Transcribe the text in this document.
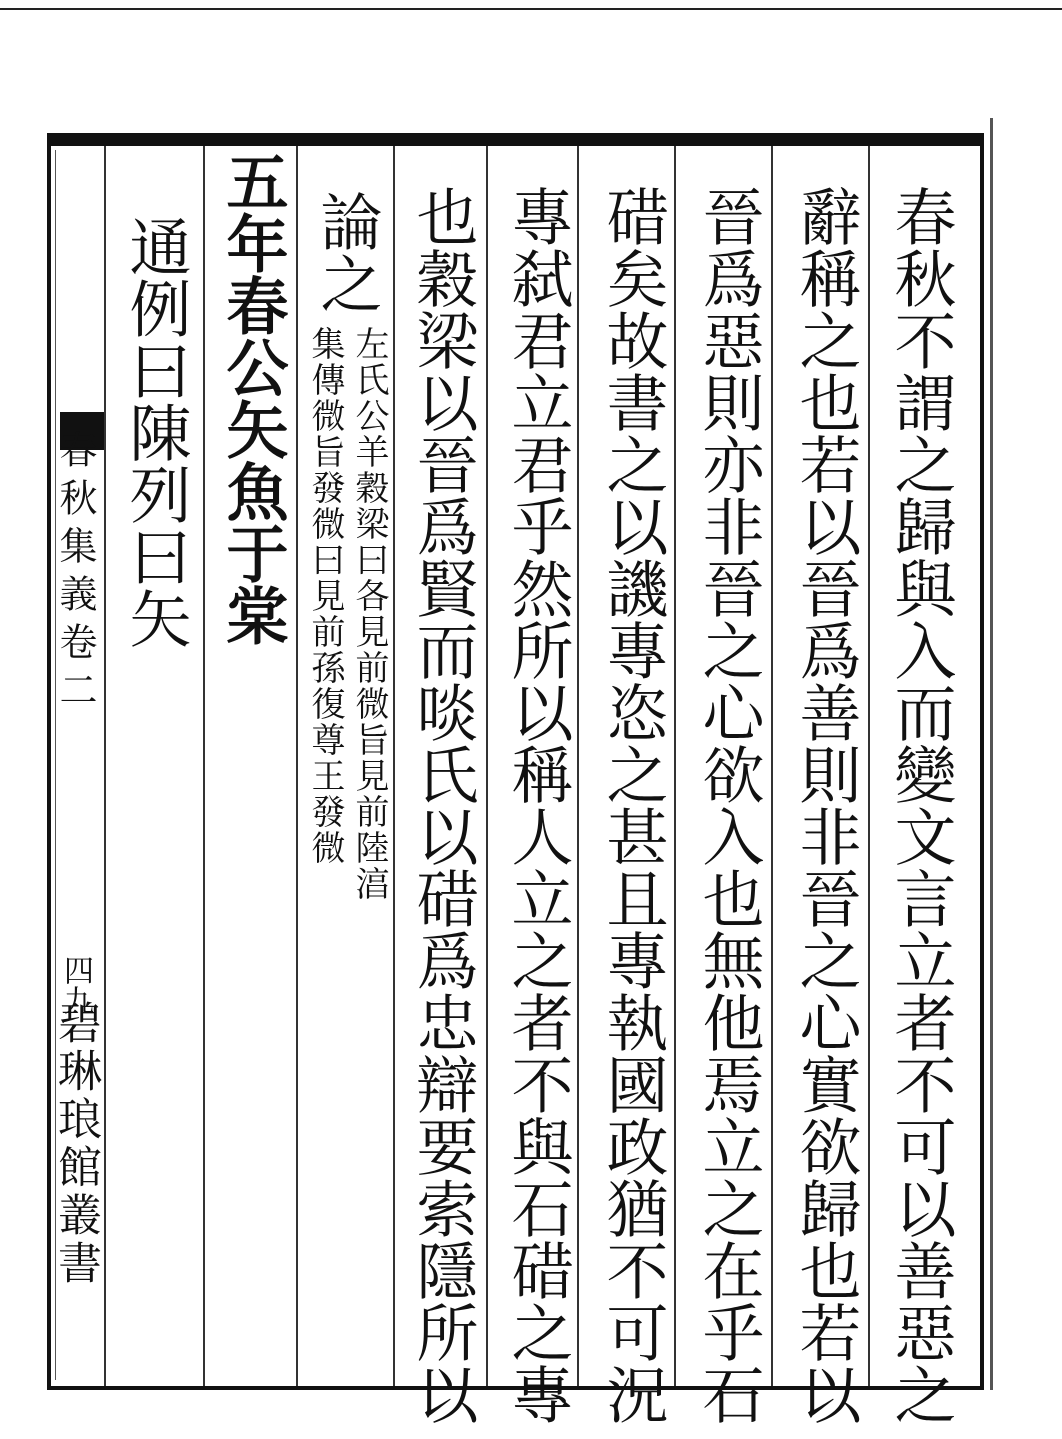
春秋不謂之歸與入而變文言立者不可以善惡之
辭稱之也若以晉爲善則非晉之心實欲歸也若以
晉爲惡則亦非晉之心欲入也無他焉立之在乎石
碏矣故書之以譏專恣之甚且專執國政猶不可況
專弑君立君乎然所以稱人立之者不與石碏之專
也穀梁以晉爲賢而啖氏以碏爲忠辯要索隱所以
論之
左氏公羊穀梁曰各見前微旨見前陸湻
集傳微旨發微曰見前孫復尊王發微
五年春公矢魚于棠
通例曰陳列曰矢
春秋集義卷二
四九
碧琳琅館叢書
